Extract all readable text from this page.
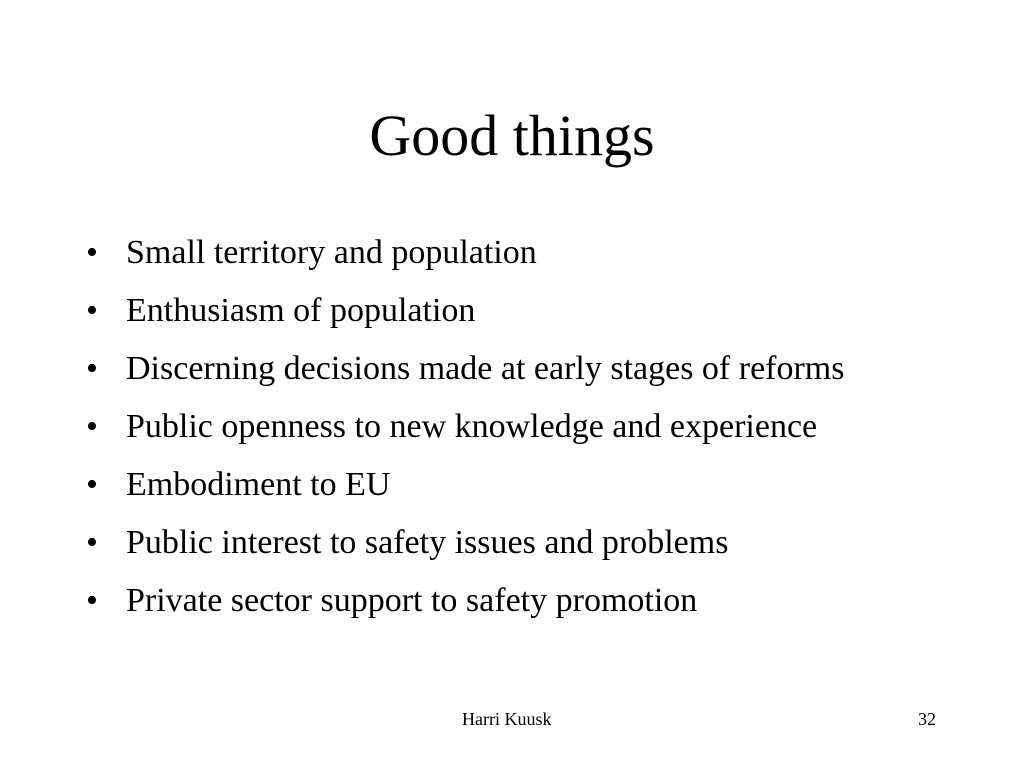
Good things
• Small territory and population
• Enthusiasm of population
• Discerning decisions made at early stages of reforms
• Public openness to new knowledge and experience
• Embodiment to EU
• Public interest to safety issues and problems
• Private sector support to safety promotion
Harri Kuusk	32
